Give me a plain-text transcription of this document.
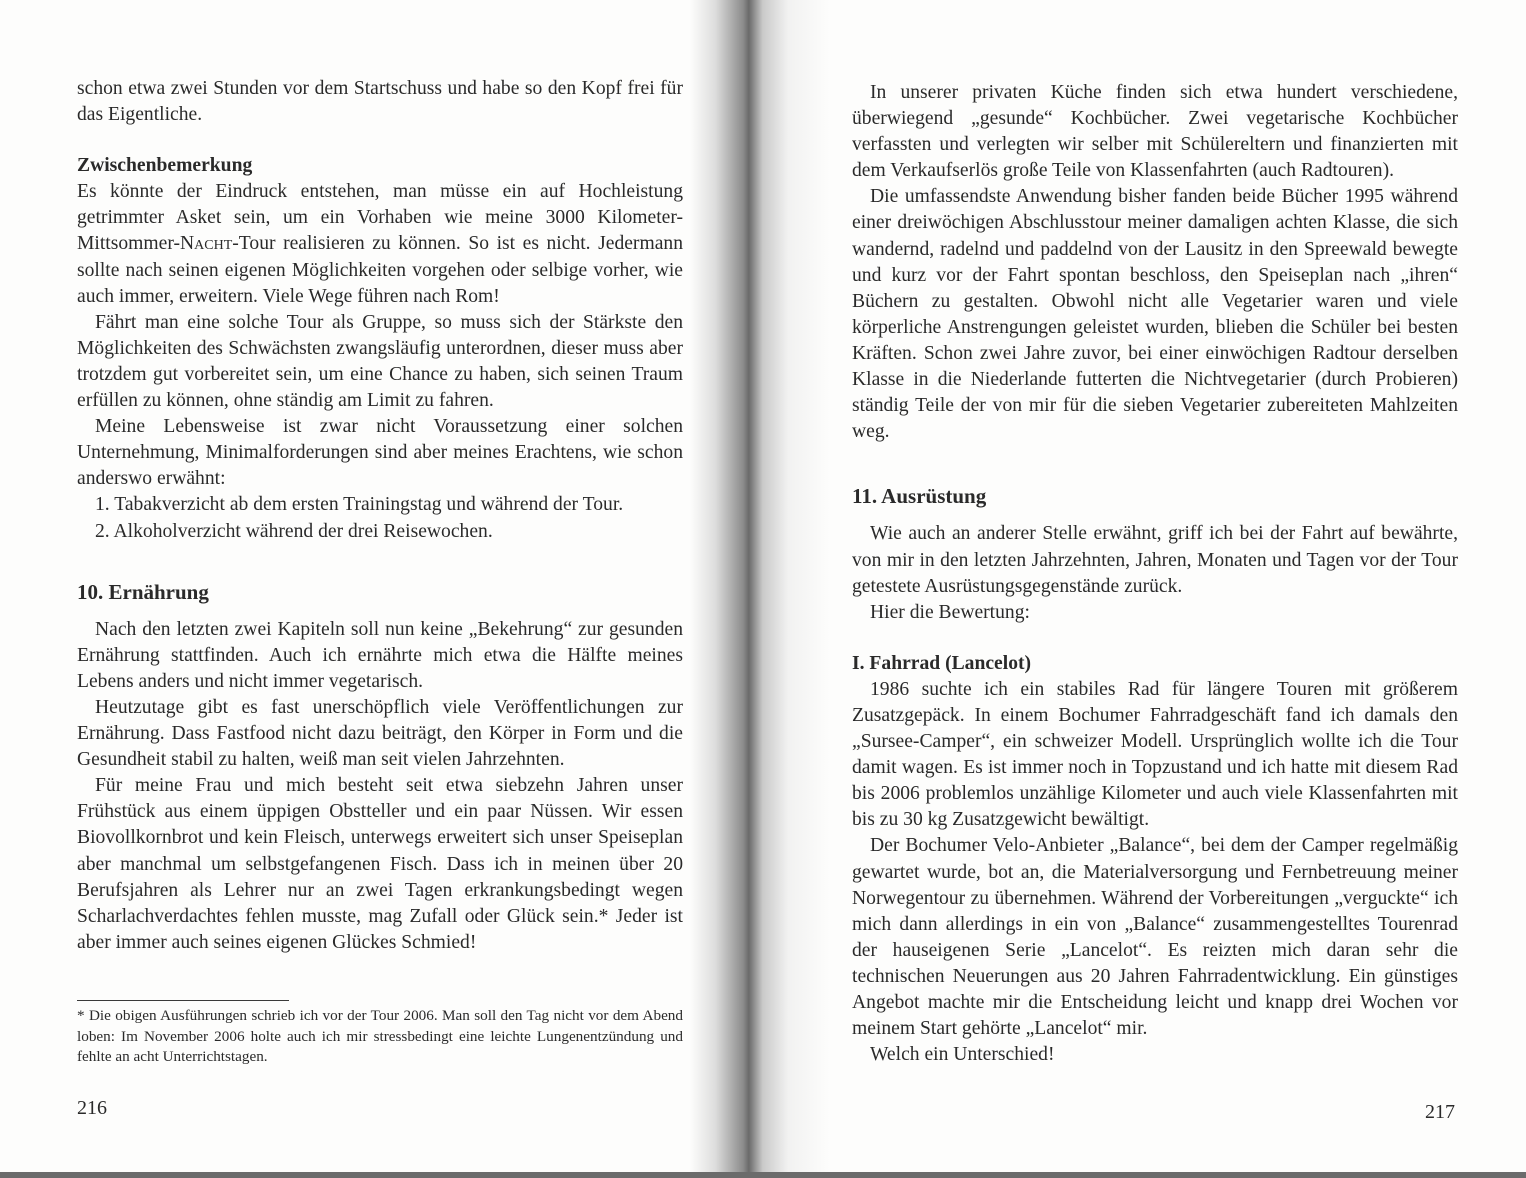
schon etwa zwei Stunden vor dem Startschuss und habe so den Kopf frei für das Eigentliche.

Zwischenbemerkung

Es könnte der Eindruck entstehen, man müsse ein auf Hochleistung getrimmter Asket sein, um ein Vorhaben wie meine 3000 Kilometer-Mittsommer-Nacht-Tour realisieren zu können. So ist es nicht. Jedermann sollte nach seinen eigenen Möglichkeiten vorgehen oder selbige vorher, wie auch immer, erweitern. Viele Wege führen nach Rom!

Fährt man eine solche Tour als Gruppe, so muss sich der Stärkste den Möglichkeiten des Schwächsten zwangsläufig unterordnen, dieser muss aber trotzdem gut vorbereitet sein, um eine Chance zu haben, sich seinen Traum erfüllen zu können, ohne ständig am Limit zu fahren.

Meine Lebensweise ist zwar nicht Voraussetzung einer solchen Unternehmung, Minimalforderungen sind aber meines Erachtens, wie schon anderswo erwähnt:

1. Tabakverzicht ab dem ersten Trainingstag und während der Tour.

2. Alkoholverzicht während der drei Reisewochen.

10. Ernährung

Nach den letzten zwei Kapiteln soll nun keine „Bekehrung“ zur gesunden Ernährung stattfinden. Auch ich ernährte mich etwa die Hälfte meines Lebens anders und nicht immer vegetarisch.

Heutzutage gibt es fast unerschöpflich viele Veröffentlichungen zur Ernährung. Dass Fastfood nicht dazu beiträgt, den Körper in Form und die Gesundheit stabil zu halten, weiß man seit vielen Jahrzehnten.

Für meine Frau und mich besteht seit etwa siebzehn Jahren unser Frühstück aus einem üppigen Obstteller und ein paar Nüssen. Wir essen Biovollkornbrot und kein Fleisch, unterwegs erweitert sich unser Speiseplan aber manchmal um selbstgefangenen Fisch. Dass ich in meinen über 20 Berufsjahren als Lehrer nur an zwei Tagen erkrankungsbedingt wegen Scharlachverdachtes fehlen musste, mag Zufall oder Glück sein.* Jeder ist aber immer auch seines eigenen Glückes Schmied!

* Die obigen Ausführungen schrieb ich vor der Tour 2006. Man soll den Tag nicht vor dem Abend loben: Im November 2006 holte auch ich mir stressbedingt eine leichte Lungenentzündung und fehlte an acht Unterrichtstagen.

216

In unserer privaten Küche finden sich etwa hundert verschiedene, überwiegend „gesunde“ Kochbücher. Zwei vegetarische Kochbücher verfassten und verlegten wir selber mit Schülereltern und finanzierten mit dem Verkaufserlös große Teile von Klassenfahrten (auch Radtouren).

Die umfassendste Anwendung bisher fanden beide Bücher 1995 während einer dreiwöchigen Abschlusstour meiner damaligen achten Klasse, die sich wandernd, radelnd und paddelnd von der Lausitz in den Spreewald bewegte und kurz vor der Fahrt spontan beschloss, den Speiseplan nach „ihren“ Büchern zu gestalten. Obwohl nicht alle Vegetarier waren und viele körperliche Anstrengungen geleistet wurden, blieben die Schüler bei besten Kräften. Schon zwei Jahre zuvor, bei einer einwöchigen Radtour derselben Klasse in die Niederlande futterten die Nichtvegetarier (durch Probieren) ständig Teile der von mir für die sieben Vegetarier zubereiteten Mahlzeiten weg.

11. Ausrüstung

Wie auch an anderer Stelle erwähnt, griff ich bei der Fahrt auf bewährte, von mir in den letzten Jahrzehnten, Jahren, Monaten und Tagen vor der Tour getestete Ausrüstungsgegenstände zurück.

Hier die Bewertung:

I. Fahrrad (Lancelot)

1986 suchte ich ein stabiles Rad für längere Touren mit größerem Zusatzgepäck. In einem Bochumer Fahrradgeschäft fand ich damals den „Sursee-Camper“, ein schweizer Modell. Ursprünglich wollte ich die Tour damit wagen. Es ist immer noch in Topzustand und ich hatte mit diesem Rad bis 2006 problemlos unzählige Kilometer und auch viele Klassenfahrten mit bis zu 30 kg Zusatzgewicht bewältigt.

Der Bochumer Velo-Anbieter „Balance“, bei dem der Camper regelmäßig gewartet wurde, bot an, die Materialversorgung und Fernbetreuung meiner Norwegentour zu übernehmen. Während der Vorbereitungen „verguckte“ ich mich dann allerdings in ein von „Balance“ zusammengestelltes Tourenrad der hauseigenen Serie „Lancelot“. Es reizten mich daran sehr die technischen Neuerungen aus 20 Jahren Fahrradentwicklung. Ein günstiges Angebot machte mir die Entscheidung leicht und knapp drei Wochen vor meinem Start gehörte „Lancelot“ mir.

Welch ein Unterschied!

217
